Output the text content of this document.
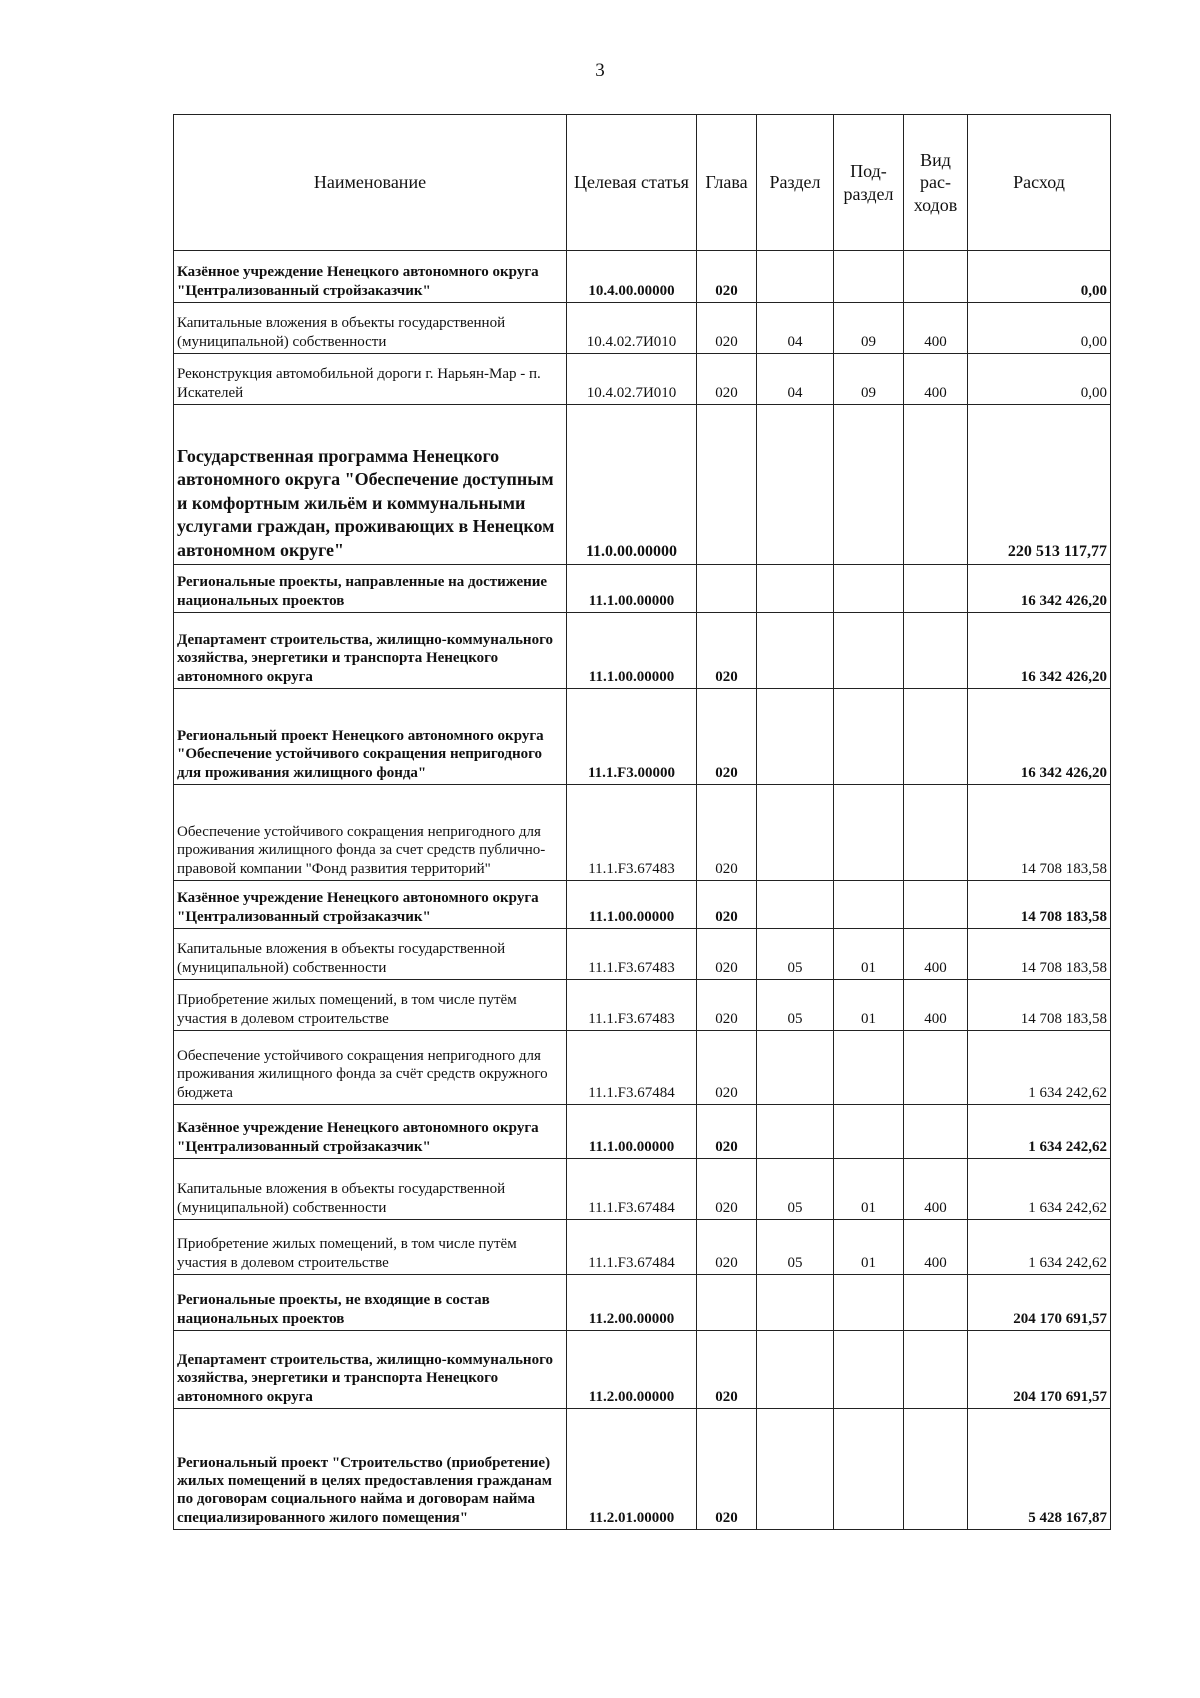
3
Наименование	Целевая статья	Глава	Раздел	Под-раздел	Вид рас-ходов	Расход
Казённое учреждение Ненецкого автономного округа "Централизованный стройзаказчик"	10.4.00.00000	020				0,00
Капитальные вложения в объекты государственной (муниципальной) собственности	10.4.02.7И010	020	04	09	400	0,00
Реконструкция автомобильной дороги г. Нарьян-Мар - п. Искателей	10.4.02.7И010	020	04	09	400	0,00
Государственная программа Ненецкого автономного округа "Обеспечение доступным и комфортным жильём и коммунальными услугами граждан, проживающих в Ненецком автономном округе"	11.0.00.00000					220 513 117,77
Региональные проекты, направленные на достижение национальных проектов	11.1.00.00000					16 342 426,20
Департамент строительства, жилищно-коммунального хозяйства, энергетики и транспорта Ненецкого автономного округа	11.1.00.00000	020				16 342 426,20
Региональный проект Ненецкого автономного округа "Обеспечение устойчивого сокращения непригодного для проживания жилищного фонда"	11.1.F3.00000	020				16 342 426,20
Обеспечение устойчивого сокращения непригодного для проживания жилищного фонда за счет средств публично-правовой компании "Фонд развития территорий"	11.1.F3.67483	020				14 708 183,58
Казённое учреждение Ненецкого автономного округа "Централизованный стройзаказчик"	11.1.00.00000	020				14 708 183,58
Капитальные вложения в объекты государственной (муниципальной) собственности	11.1.F3.67483	020	05	01	400	14 708 183,58
Приобретение жилых помещений, в том числе путём участия в долевом строительстве	11.1.F3.67483	020	05	01	400	14 708 183,58
Обеспечение устойчивого сокращения непригодного для проживания жилищного фонда за счёт средств окружного бюджета	11.1.F3.67484	020				1 634 242,62
Казённое учреждение Ненецкого автономного округа "Централизованный стройзаказчик"	11.1.00.00000	020				1 634 242,62
Капитальные вложения в объекты государственной (муниципальной) собственности	11.1.F3.67484	020	05	01	400	1 634 242,62
Приобретение жилых помещений, в том числе путём участия в долевом строительстве	11.1.F3.67484	020	05	01	400	1 634 242,62
Региональные проекты, не входящие в состав национальных проектов	11.2.00.00000					204 170 691,57
Департамент строительства, жилищно-коммунального хозяйства, энергетики и транспорта Ненецкого автономного округа	11.2.00.00000	020				204 170 691,57
Региональный проект "Строительство (приобретение) жилых помещений в целях предоставления гражданам по договорам социального найма и договорам найма специализированного жилого помещения"	11.2.01.00000	020				5 428 167,87
